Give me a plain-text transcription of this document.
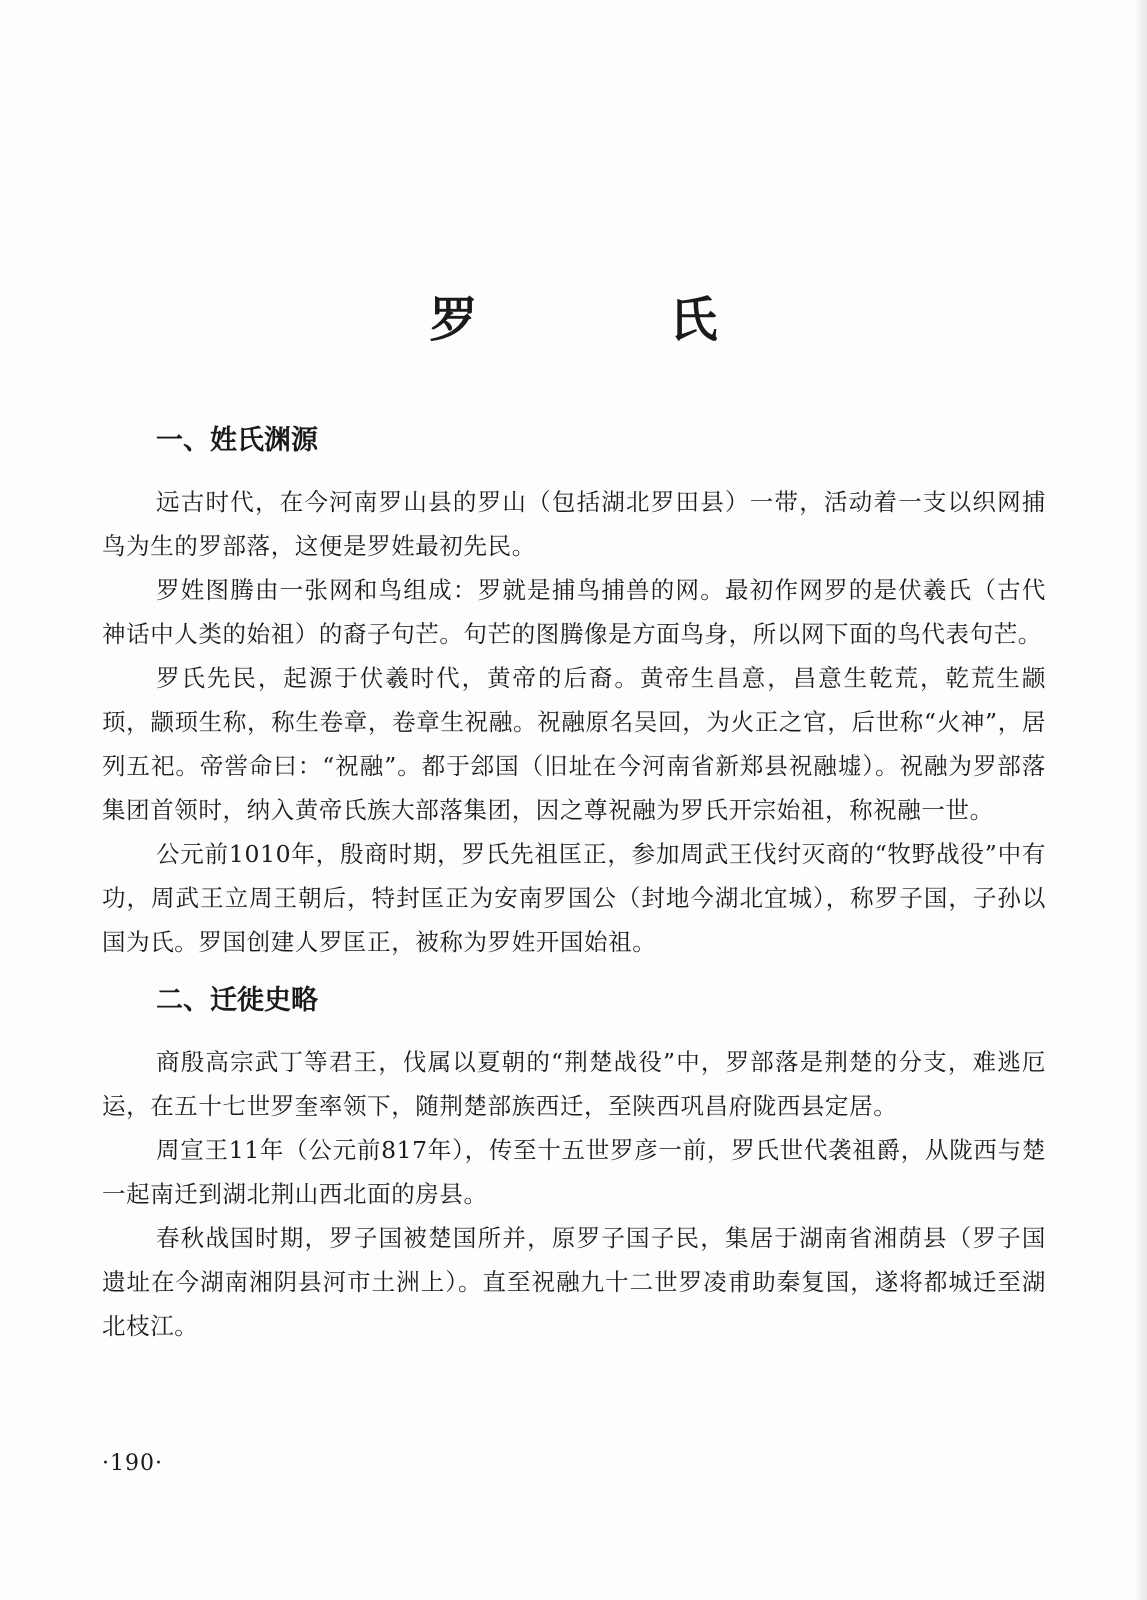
罗　氏
一、姓氏渊源

远古时代，在今河南罗山县的罗山（包括湖北罗田县）一带，活动着一支以织网捕鸟为生的罗部落，这便是罗姓最初先民。

罗姓图腾由一张网和鸟组成：罗就是捕鸟捕兽的网。最初作网罗的是伏羲氏（古代神话中人类的始祖）的裔子句芒。句芒的图腾像是方面鸟身，所以网下面的鸟代表句芒。

罗氏先民，起源于伏羲时代，黄帝的后裔。黄帝生昌意，昌意生乾荒，乾荒生颛顼，颛顼生称，称生卷章，卷章生祝融。祝融原名吴回，为火正之官，后世称“火神”，居列五祀。帝喾命曰：“祝融”。都于郐国（旧址在今河南省新郑县祝融墟）。祝融为罗部落集团首领时，纳入黄帝氏族大部落集团，因之尊祝融为罗氏开宗始祖，称祝融一世。

公元前1010年，殷商时期，罗氏先祖匡正，参加周武王伐纣灭商的“牧野战役”中有功，周武王立周王朝后，特封匡正为安南罗国公（封地今湖北宜城），称罗子国，子孙以国为氏。罗国创建人罗匡正，被称为罗姓开国始祖。

二、迁徙史略

商殷高宗武丁等君王，伐属以夏朝的“荆楚战役”中，罗部落是荆楚的分支，难逃厄运，在五十七世罗奎率领下，随荆楚部族西迁，至陕西巩昌府陇西县定居。

周宣王11年（公元前817年），传至十五世罗彦一前，罗氏世代袭祖爵，从陇西与楚一起南迁到湖北荆山西北面的房县。

春秋战国时期，罗子国被楚国所并，原罗子国子民，集居于湖南省湘荫县（罗子国遗址在今湖南湘阴县河市土洲上）。直至祝融九十二世罗凌甫助秦复国，遂将都城迁至湖北枝江。

·190·
